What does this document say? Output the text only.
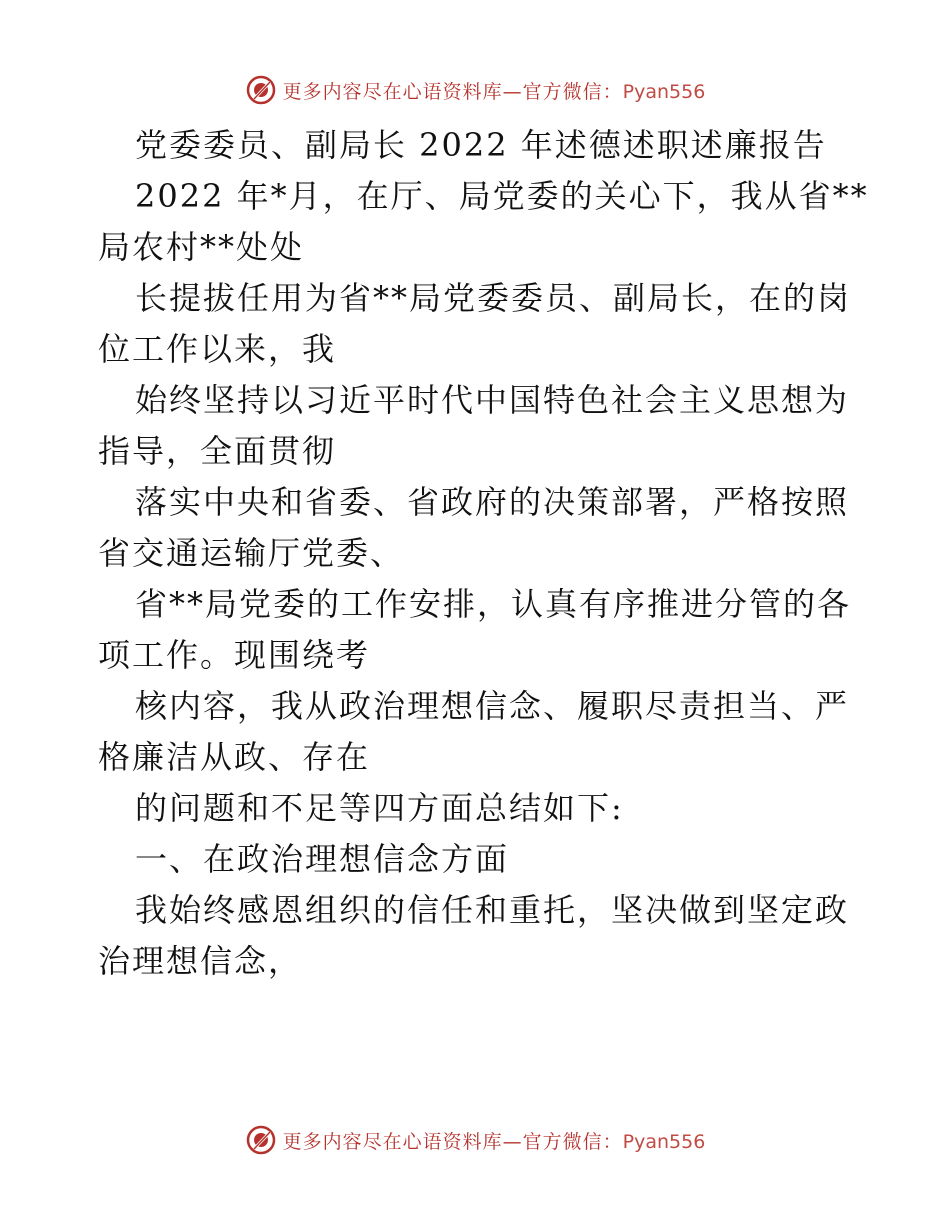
更多内容尽在心语资料库—官方微信：Pyan556
党委委员、副局长 2022 年述德述职述廉报告
2022 年*月，在厅、局党委的关心下，我从省**
局农村**处处
长提拔任用为省**局党委委员、副局长，在的岗
位工作以来，我
始终坚持以习近平时代中国特色社会主义思想为
指导，全面贯彻
落实中央和省委、省政府的决策部署，严格按照
省交通运输厅党委、
省**局党委的工作安排，认真有序推进分管的各
项工作。现围绕考
核内容，我从政治理想信念、履职尽责担当、严
格廉洁从政、存在
的问题和不足等四方面总结如下:
一、在政治理想信念方面
我始终感恩组织的信任和重托，坚决做到坚定政
治理想信念，
更多内容尽在心语资料库—官方微信：Pyan556
